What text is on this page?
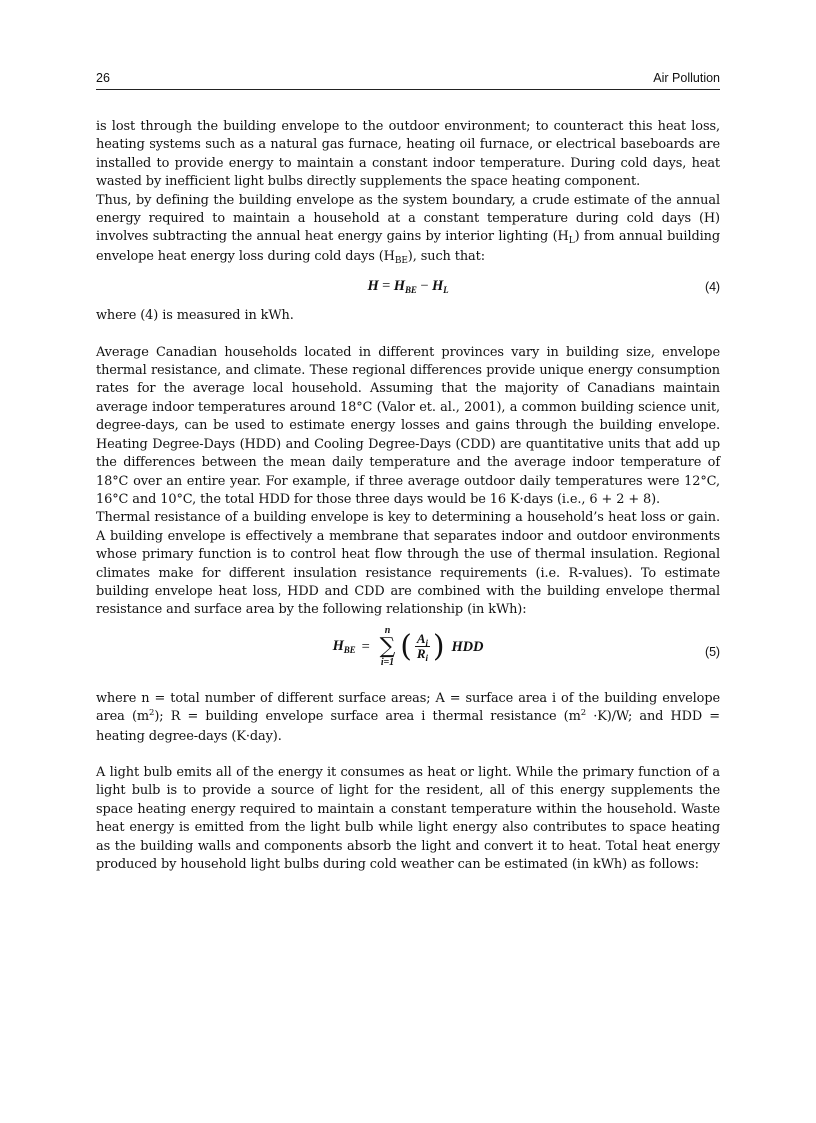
26	Air Pollution

is lost through the building envelope to the outdoor environment; to counteract this heat loss, heating systems such as a natural gas furnace, heating oil furnace, or electrical baseboards are installed to provide energy to maintain a constant indoor temperature. During cold days, heat wasted by inefficient light bulbs directly supplements the space heating component.

Thus, by defining the building envelope as the system boundary, a crude estimate of the annual energy required to maintain a household at a constant temperature during cold days (H) involves subtracting the annual heat energy gains by interior lighting $(H_L)$ from annual building envelope heat energy loss during cold days $(H_{BE})$, such that:

$H = H_{BE} - H_L$	(4)

where (4) is measured in kWh.

Average Canadian households located in different provinces vary in building size, envelope thermal resistance, and climate. These regional differences provide unique energy consumption rates for the average local household. Assuming that the majority of Canadians maintain average indoor temperatures around 18°C (Valor et. al., 2001), a common building science unit, degree-days, can be used to estimate energy losses and gains through the building envelope. Heating Degree-Days (HDD) and Cooling Degree-Days (CDD) are quantitative units that add up the differences between the mean daily temperature and the average indoor temperature of 18°C over an entire year. For example, if three average outdoor daily temperatures were 12°C, 16°C and 10°C, the total HDD for those three days would be 16 K·days (i.e., 6 + 2 + 8).

Thermal resistance of a building envelope is key to determining a household’s heat loss or gain. A building envelope is effectively a membrane that separates indoor and outdoor environments whose primary function is to control heat flow through the use of thermal insulation. Regional climates make for different insulation resistance requirements (i.e. R-values). To estimate building envelope heat loss, HDD and CDD are combined with the building envelope thermal resistance and surface area by the following relationship (in kWh):

$H_{BE}$ =
n
∑
i=1 ( $\frac{A_i}{R_i}$ ) HDD	(5)

where n = total number of different surface areas; A = surface area i of the building envelope area $(m^2)$; R = building envelope surface area i thermal resistance $(m^2 \cdot K)/W$; and HDD = heating degree-days (K·day).

A light bulb emits all of the energy it consumes as heat or light. While the primary function of a light bulb is to provide a source of light for the resident, all of this energy supplements the space heating energy required to maintain a constant temperature within the household. Waste heat energy is emitted from the light bulb while light energy also contributes to space heating as the building walls and components absorb the light and convert it to heat. Total heat energy produced by household light bulbs during cold weather can be estimated (in kWh) as follows:
